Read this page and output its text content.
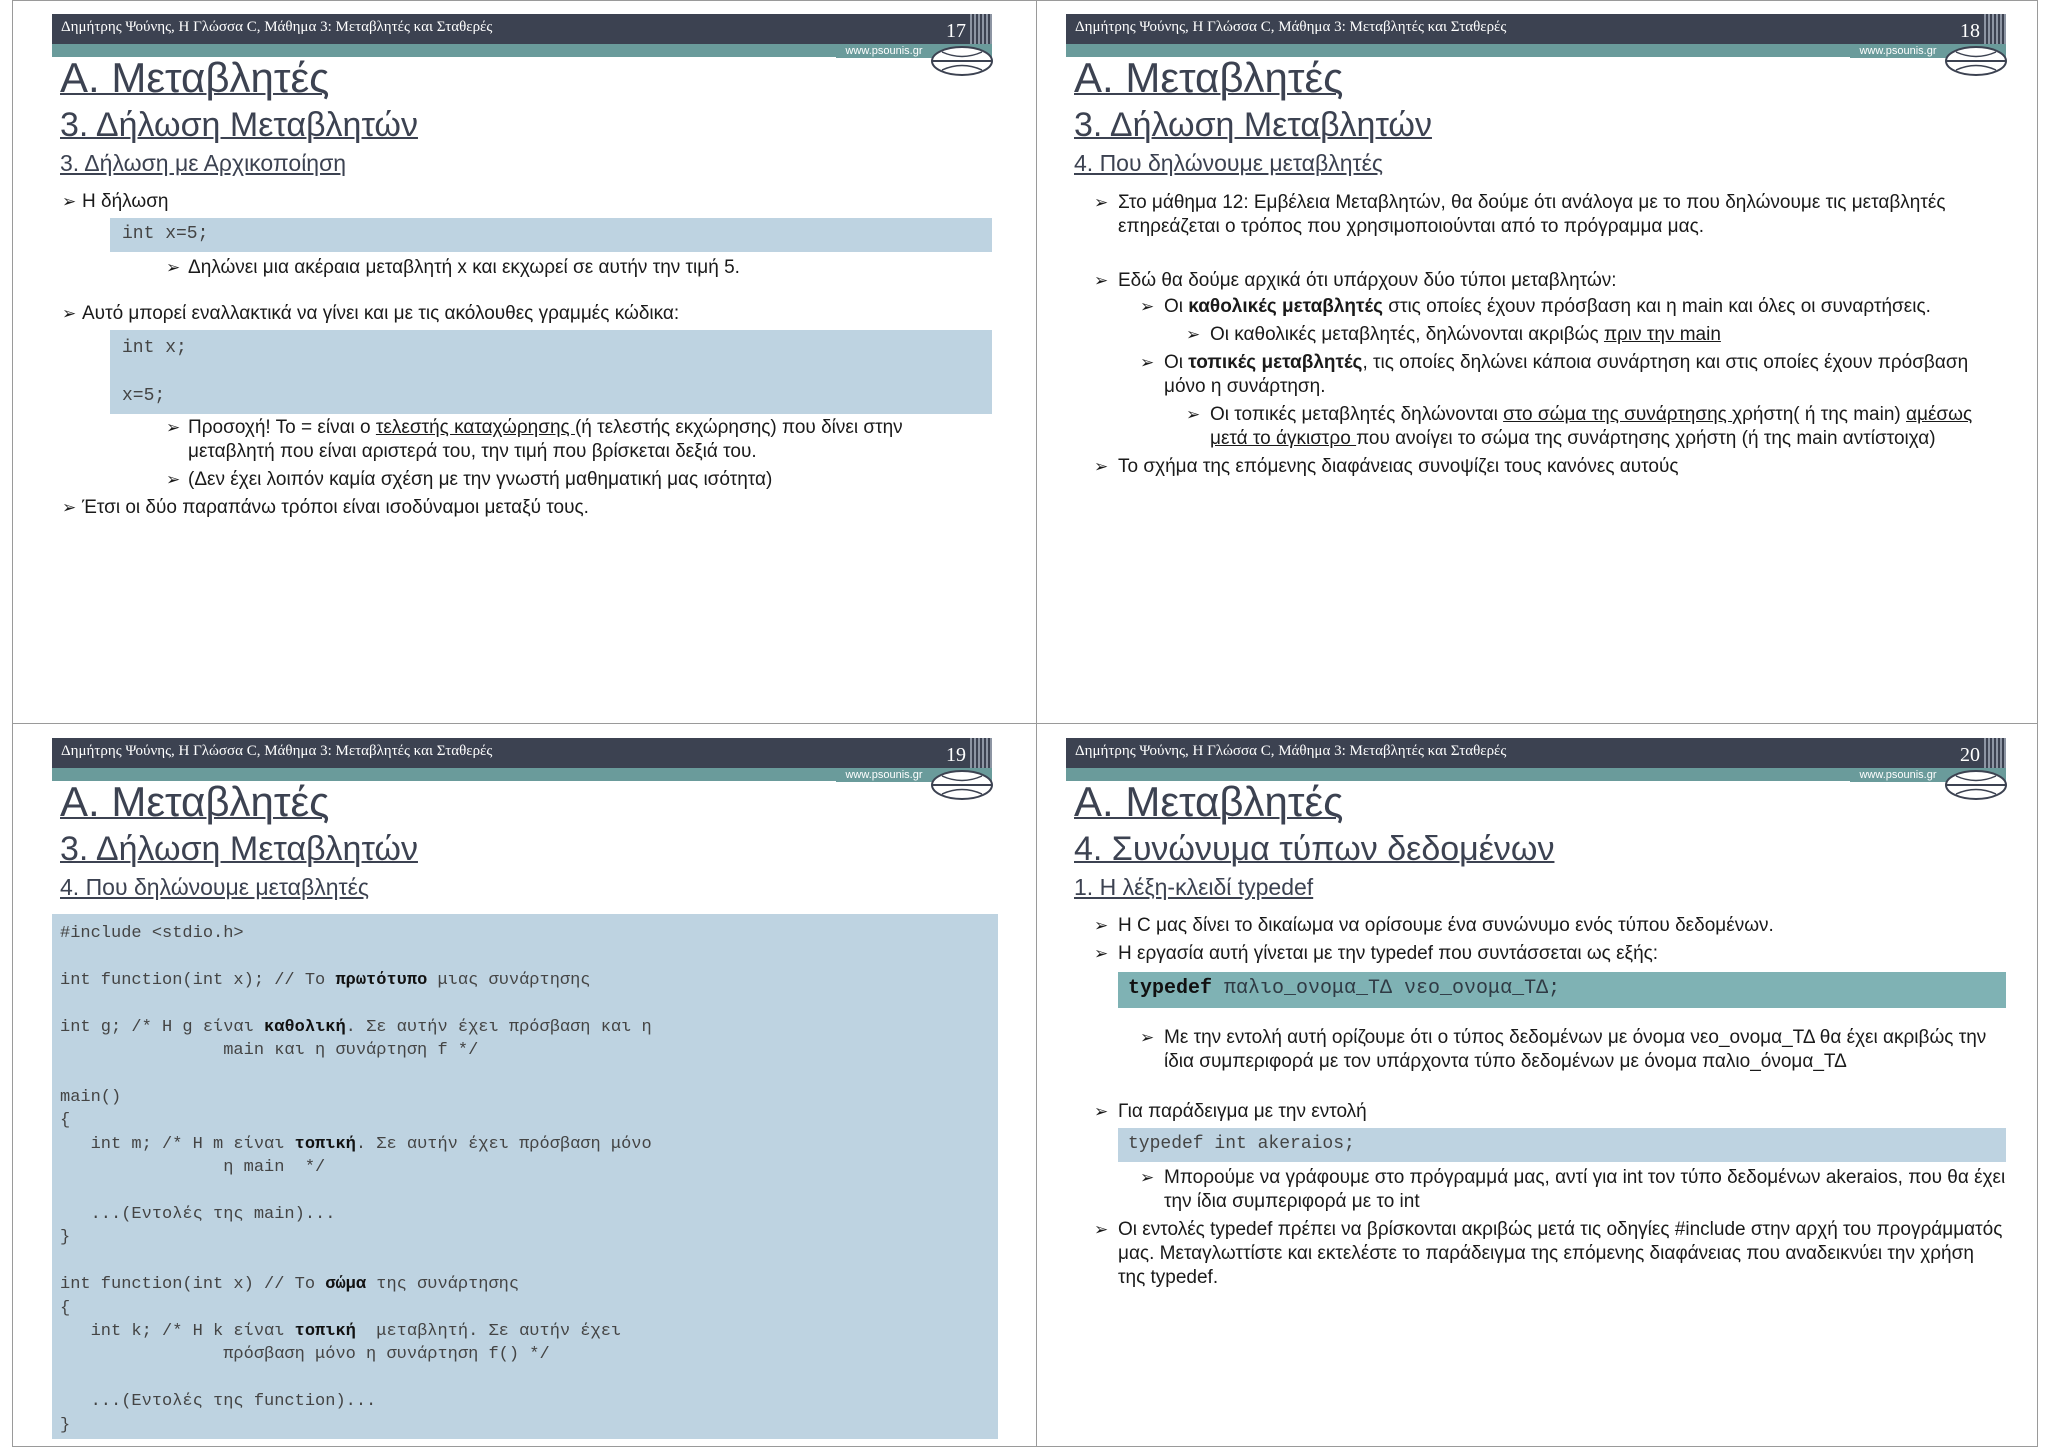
Δημήτρης Ψούνης, Η Γλώσσα C, Μάθημα 3: Μεταβλητές και Σταθερές	17
www.psounis.gr
Α. Μεταβλητές
3. Δήλωση Μεταβλητών
3. Δήλωση με Αρχικοποίηση
➢ Η δήλωση
int x=5;
➢ Δηλώνει μια ακέραια μεταβλητή x και εκχωρεί σε αυτήν την τιμή 5.
➢ Αυτό μπορεί εναλλακτικά να γίνει και με τις ακόλουθες γραμμές κώδικα:
int x;

x=5;
➢ Προσοχή! Το = είναι ο τελεστής καταχώρησης (ή τελεστής εκχώρησης) που δίνει στην μεταβλητή που είναι αριστερά του, την τιμή που βρίσκεται δεξιά του.
➢ (Δεν έχει λοιπόν καμία σχέση με την γνωστή μαθηματική μας ισότητα)
➢ Έτσι οι δύο παραπάνω τρόποι είναι ισοδύναμοι μεταξύ τους.
Δημήτρης Ψούνης, Η Γλώσσα C, Μάθημα 3: Μεταβλητές και Σταθερές	18
www.psounis.gr
Α. Μεταβλητές
3. Δήλωση Μεταβλητών
4. Που δηλώνουμε μεταβλητές
➢ Στο μάθημα 12: Εμβέλεια Μεταβλητών, θα δούμε ότι ανάλογα με το που δηλώνουμε τις μεταβλητές επηρεάζεται ο τρόπος που χρησιμοποιούνται από το πρόγραμμα μας.
➢ Εδώ θα δούμε αρχικά ότι υπάρχουν δύο τύποι μεταβλητών:
➢ Οι καθολικές μεταβλητές στις οποίες έχουν πρόσβαση και η main και όλες οι συναρτήσεις.
➢ Οι καθολικές μεταβλητές, δηλώνονται ακριβώς πριν την main
➢ Οι τοπικές μεταβλητές, τις οποίες δηλώνει κάποια συνάρτηση και στις οποίες έχουν πρόσβαση μόνο η συνάρτηση.
➢ Οι τοπικές μεταβλητές δηλώνονται στο σώμα της συνάρτησης χρήστη( ή της main) αμέσως μετά το άγκιστρο που ανοίγει το σώμα της συνάρτησης χρήστη (ή της main αντίστοιχα)
➢ Το σχήμα της επόμενης διαφάνειας συνοψίζει τους κανόνες αυτούς
Δημήτρης Ψούνης, Η Γλώσσα C, Μάθημα 3: Μεταβλητές και Σταθερές	19
www.psounis.gr
Α. Μεταβλητές
3. Δήλωση Μεταβλητών
4. Που δηλώνουμε μεταβλητές
#include <stdio.h>

int function(int x); // Το πρωτότυπο μιας συνάρτησης

int g; /* Η g είναι καθολική. Σε αυτήν έχει πρόσβαση και η
main και η συνάρτηση f */

main()
{
int m; /* Η m είναι τοπική. Σε αυτήν έχει πρόσβαση μόνο
η main  */

...(Εντολές της main)...
}

int function(int x) // Το σώμα της συνάρτησης
{
int k; /* Η k είναι τοπική  μεταβλητή. Σε αυτήν έχει
πρόσβαση μόνο η συνάρτηση f() */

...(Εντολές της function)...
}
Δημήτρης Ψούνης, Η Γλώσσα C, Μάθημα 3: Μεταβλητές και Σταθερές	20
www.psounis.gr
Α. Μεταβλητές
4. Συνώνυμα τύπων δεδομένων
1. Η λέξη-κλειδί typedef
➢ Η C μας δίνει το δικαίωμα να ορίσουμε ένα συνώνυμο ενός τύπου δεδομένων.
➢ Η εργασία αυτή γίνεται με την typedef που συντάσσεται ως εξής:
typedef παλιο_ονομα_ΤΔ νεο_ονομα_ΤΔ;
➢ Με την εντολή αυτή ορίζουμε ότι ο τύπος δεδομένων με όνομα νεο_ονομα_ΤΔ θα έχει ακριβώς την ίδια συμπεριφορά με τον υπάρχοντα τύπο δεδομένων με όνομα παλιο_όνομα_ΤΔ
➢ Για παράδειγμα με την εντολή
typedef int akeraios;
➢ Μπορούμε να γράφουμε στο πρόγραμμά μας, αντί για int τον τύπο δεδομένων akeraios, που θα έχει την ίδια συμπεριφορά με το int
➢ Οι εντολές typedef πρέπει να βρίσκονται ακριβώς μετά τις οδηγίες #include στην αρχή του προγράμματός μας. Μεταγλωττίστε και εκτελέστε το παράδειγμα της επόμενης διαφάνειας που αναδεικνύει την χρήση της typedef.
